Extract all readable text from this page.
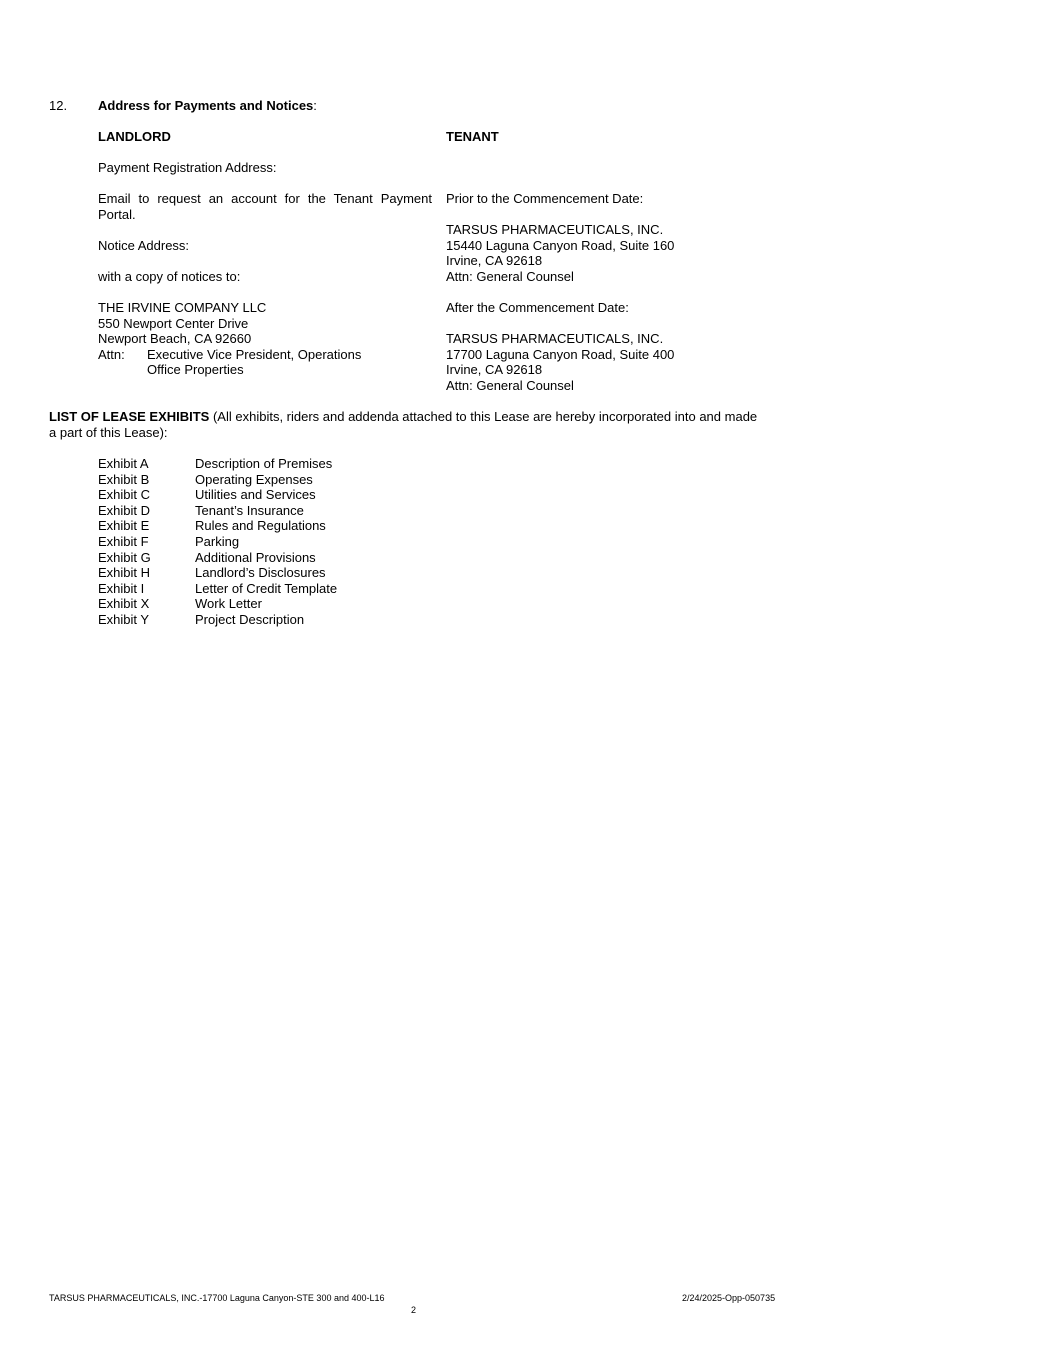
12. Address for Payments and Notices:
LANDLORD	TENANT
Payment Registration Address:
Email to request an account for the Tenant Payment
Portal.
Notice Address:
with a copy of notices to:
THE IRVINE COMPANY LLC
550 Newport Center Drive
Newport Beach, CA 92660
Attn: Executive Vice President, Operations
Office Properties
Prior to the Commencement Date:
TARSUS PHARMACEUTICALS, INC.
15440 Laguna Canyon Road, Suite 160
Irvine, CA 92618
Attn: General Counsel
After the Commencement Date:
TARSUS PHARMACEUTICALS, INC.
17700 Laguna Canyon Road, Suite 400
Irvine, CA 92618
Attn: General Counsel
LIST OF LEASE EXHIBITS (All exhibits, riders and addenda attached to this Lease are hereby incorporated into and made
a part of this Lease):
Exhibit A	Description of Premises
Exhibit B	Operating Expenses
Exhibit C	Utilities and Services
Exhibit D	Tenant’s Insurance
Exhibit E	Rules and Regulations
Exhibit F	Parking
Exhibit G	Additional Provisions
Exhibit H	Landlord’s Disclosures
Exhibit I	Letter of Credit Template
Exhibit X	Work Letter
Exhibit Y	Project Description
TARSUS PHARMACEUTICALS, INC.-17700 Laguna Canyon-STE 300 and 400-L16	2/24/2025-Opp-050735
2
